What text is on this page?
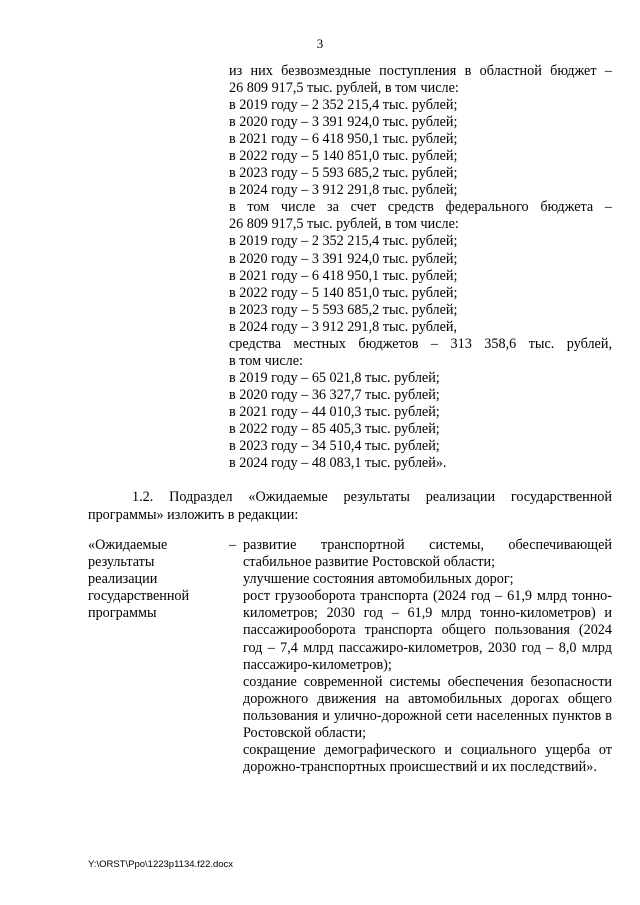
3
из них безвозмездные поступления в областной бюджет –
26 809 917,5 тыс. рублей, в том числе:
в 2019 году – 2 352 215,4 тыс. рублей;
в 2020 году – 3 391 924,0 тыс. рублей;
в 2021 году – 6 418 950,1 тыс. рублей;
в 2022 году – 5 140 851,0 тыс. рублей;
в 2023 году – 5 593 685,2 тыс. рублей;
в 2024 году – 3 912 291,8 тыс. рублей;
в том числе за счет средств федерального бюджета –
26 809 917,5 тыс. рублей, в том числе:
в 2019 году – 2 352 215,4 тыс. рублей;
в 2020 году – 3 391 924,0 тыс. рублей;
в 2021 году – 6 418 950,1 тыс. рублей;
в 2022 году – 5 140 851,0 тыс. рублей;
в 2023 году – 5 593 685,2 тыс. рублей;
в 2024 году – 3 912 291,8 тыс. рублей,
средства местных бюджетов – 313 358,6 тыс. рублей,
в том числе:
в 2019 году – 65 021,8 тыс. рублей;
в 2020 году – 36 327,7 тыс. рублей;
в 2021 году – 44 010,3 тыс. рублей;
в 2022 году – 85 405,3 тыс. рублей;
в 2023 году – 34 510,4 тыс. рублей;
в 2024 году – 48 083,1 тыс. рублей».
1.2. Подраздел «Ожидаемые результаты реализации государственной программы» изложить в редакции:
«Ожидаемые
результаты
реализации
государственной
программы
– развитие транспортной системы, обеспечивающей стабильное развитие Ростовской области;
улучшение состояния автомобильных дорог;
рост грузооборота транспорта (2024 год – 61,9 млрд тонно-километров; 2030 год – 61,9 млрд тонно-километров) и пассажирооборота транспорта общего пользования (2024 год – 7,4 млрд пассажиро-километров, 2030 год – 8,0 млрд пассажиро-километров);
создание современной системы обеспечения безопасности дорожного движения на автомобильных дорогах общего пользования и улично-дорожной сети населенных пунктов в Ростовской области;
сокращение демографического и социального ущерба от дорожно-транспортных происшествий и их последствий».
Y:\ORST\Ppo\1223p1134.f22.docx
